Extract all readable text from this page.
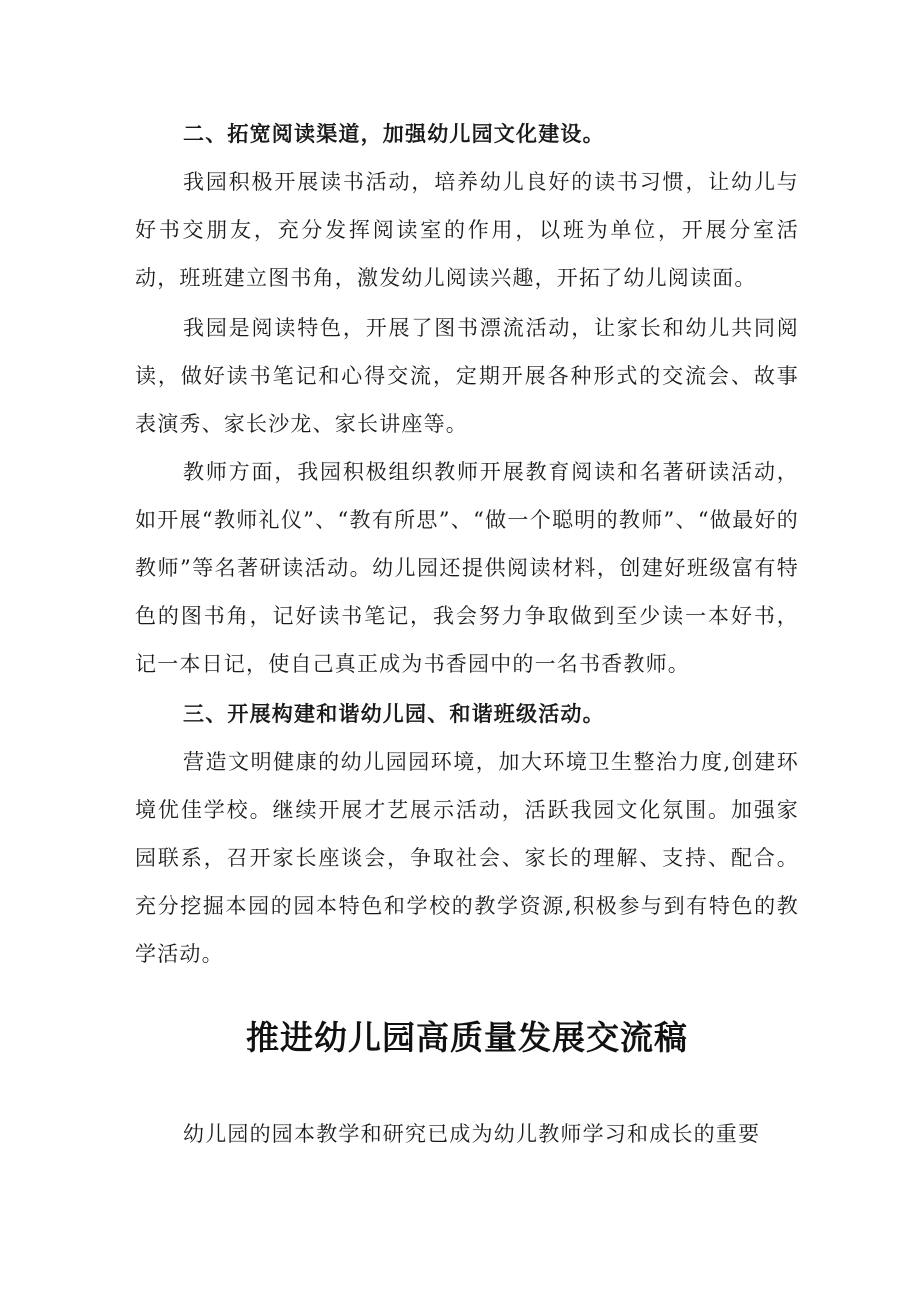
二、拓宽阅读渠道，加强幼儿园文化建设。

我园积极开展读书活动，培养幼儿良好的读书习惯，让幼儿与好书交朋友，充分发挥阅读室的作用，以班为单位，开展分室活动，班班建立图书角，激发幼儿阅读兴趣，开拓了幼儿阅读面。

我园是阅读特色，开展了图书漂流活动，让家长和幼儿共同阅读，做好读书笔记和心得交流，定期开展各种形式的交流会、故事表演秀、家长沙龙、家长讲座等。

教师方面，我园积极组织教师开展教育阅读和名著研读活动，如开展“教师礼仪”、“教有所思”、“做一个聪明的教师”、“做最好的教师”等名著研读活动。幼儿园还提供阅读材料，创建好班级富有特色的图书角，记好读书笔记，我会努力争取做到至少读一本好书，记一本日记，使自己真正成为书香园中的一名书香教师。

三、开展构建和谐幼儿园、和谐班级活动。

营造文明健康的幼儿园园环境，加大环境卫生整治力度,创建环境优佳学校。继续开展才艺展示活动，活跃我园文化氛围。加强家园联系，召开家长座谈会，争取社会、家长的理解、支持、配合。充分挖掘本园的园本特色和学校的教学资源,积极参与到有特色的教学活动。

推进幼儿园高质量发展交流稿

幼儿园的园本教学和研究已成为幼儿教师学习和成长的重要
